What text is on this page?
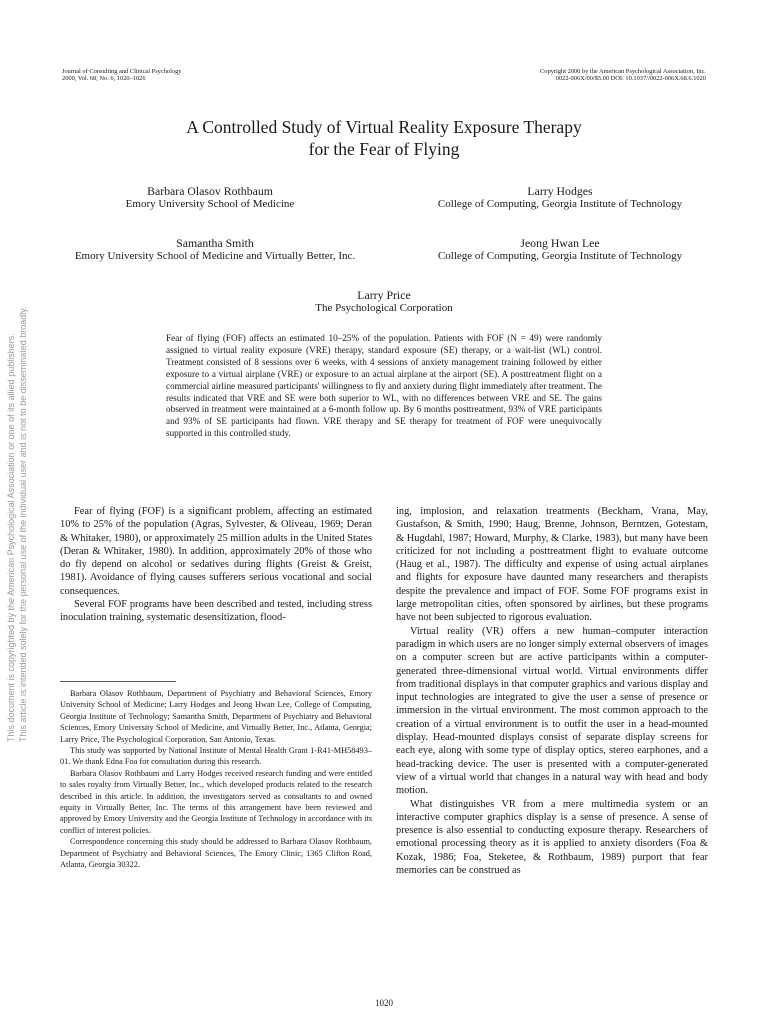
Journal of Consulting and Clinical Psychology
2000, Vol. 68, No. 6, 1020–1026
Copyright 2000 by the American Psychological Association, Inc.
0022-006X/00/$5.00 DOI: 10.1037//0022-006X.68.6.1020
A Controlled Study of Virtual Reality Exposure Therapy
for the Fear of Flying
Barbara Olasov Rothbaum
Emory University School of Medicine
Larry Hodges
College of Computing, Georgia Institute of Technology
Samantha Smith
Emory University School of Medicine and Virtually Better, Inc.
Jeong Hwan Lee
College of Computing, Georgia Institute of Technology
Larry Price
The Psychological Corporation
Fear of flying (FOF) affects an estimated 10–25% of the population. Patients with FOF (N = 49) were randomly assigned to virtual reality exposure (VRE) therapy, standard exposure (SE) therapy, or a wait-list (WL) control. Treatment consisted of 8 sessions over 6 weeks, with 4 sessions of anxiety management training followed by either exposure to a virtual airplane (VRE) or exposure to an actual airplane at the airport (SE). A posttreatment flight on a commercial airline measured participants' willingness to fly and anxiety during flight immediately after treatment. The results indicated that VRE and SE were both superior to WL, with no differences between VRE and SE. The gains observed in treatment were maintained at a 6-month follow up. By 6 months posttreatment, 93% of VRE participants and 93% of SE participants had flown. VRE therapy and SE therapy for treatment of FOF were unequivocally supported in this controlled study.

Fear of flying (FOF) is a significant problem, affecting an estimated 10% to 25% of the population (Agras, Sylvester, & Oliveau, 1969; Deran & Whitaker, 1980), or approximately 25 million adults in the United States (Deran & Whitaker, 1980). In addition, approximately 20% of those who do fly depend on alcohol or sedatives during flights (Greist & Greist, 1981). Avoidance of flying causes sufferers serious vocational and social consequences.

Several FOF programs have been described and tested, including stress inoculation training, systematic desensitization, flood-

Barbara Olasov Rothbaum, Department of Psychiatry and Behavioral Sciences, Emory University School of Medicine; Larry Hodges and Jeong Hwan Lee, College of Computing, Georgia Institute of Technology; Samantha Smith, Department of Psychiatry and Behavioral Sciences, Emory University School of Medicine, and Virtually Better, Inc., Atlanta, Georgia; Larry Price, The Psychological Corporation, San Antonio, Texas.

This study was supported by National Institute of Mental Health Grant 1-R41-MH58493–01. We thank Edna Foa for consultation during this research.

Barbara Olasov Rothbaum and Larry Hodges received research funding and were entitled to sales royalty from Virtually Better, Inc., which developed products related to the research described in this article. In addition, the investigators served as consultants to and owned equity in Virtually Better, Inc. The terms of this arrangement have been reviewed and approved by Emory University and the Georgia Institute of Technology in accordance with its conflict of interest policies.

Correspondence concerning this study should be addressed to Barbara Olasov Rothbaum, Department of Psychiatry and Behavioral Sciences, The Emory Clinic, 1365 Clifton Road, Atlanta, Georgia 30322.

ing, implosion, and relaxation treatments (Beckham, Vrana, May, Gustafson, & Smith, 1990; Haug, Brenne, Johnson, Berntzen, Gotestam, & Hugdahl, 1987; Howard, Murphy, & Clarke, 1983), but many have been criticized for not including a posttreatment flight to evaluate outcome (Haug et al., 1987). The difficulty and expense of using actual airplanes and flights for exposure have daunted many researchers and therapists despite the prevalence and impact of FOF. Some FOF programs exist in large metropolitan cities, often sponsored by airlines, but these programs have not been subjected to rigorous evaluation.

Virtual reality (VR) offers a new human–computer interaction paradigm in which users are no longer simply external observers of images on a computer screen but are active participants within a computer-generated three-dimensional virtual world. Virtual environments differ from traditional displays in that computer graphics and various display and input technologies are integrated to give the user a sense of presence or immersion in the virtual environment. The most common approach to the creation of a virtual environment is to outfit the user in a head-mounted display. Head-mounted displays consist of separate display screens for each eye, along with some type of display optics, stereo earphones, and a head-tracking device. The user is presented with a computer-generated view of a virtual world that changes in a natural way with head and body motion.

What distinguishes VR from a mere multimedia system or an interactive computer graphics display is a sense of presence. A sense of presence is also essential to conducting exposure therapy. Researchers of emotional processing theory as it is applied to anxiety disorders (Foa & Kozak, 1986; Foa, Steketee, & Rothbaum, 1989) purport that fear memories can be construed as

1020
This document is copyrighted by the American Psychological Association or one of its allied publishers. This article is intended solely for the personal use of the individual user and is not to be disseminated broadly.
